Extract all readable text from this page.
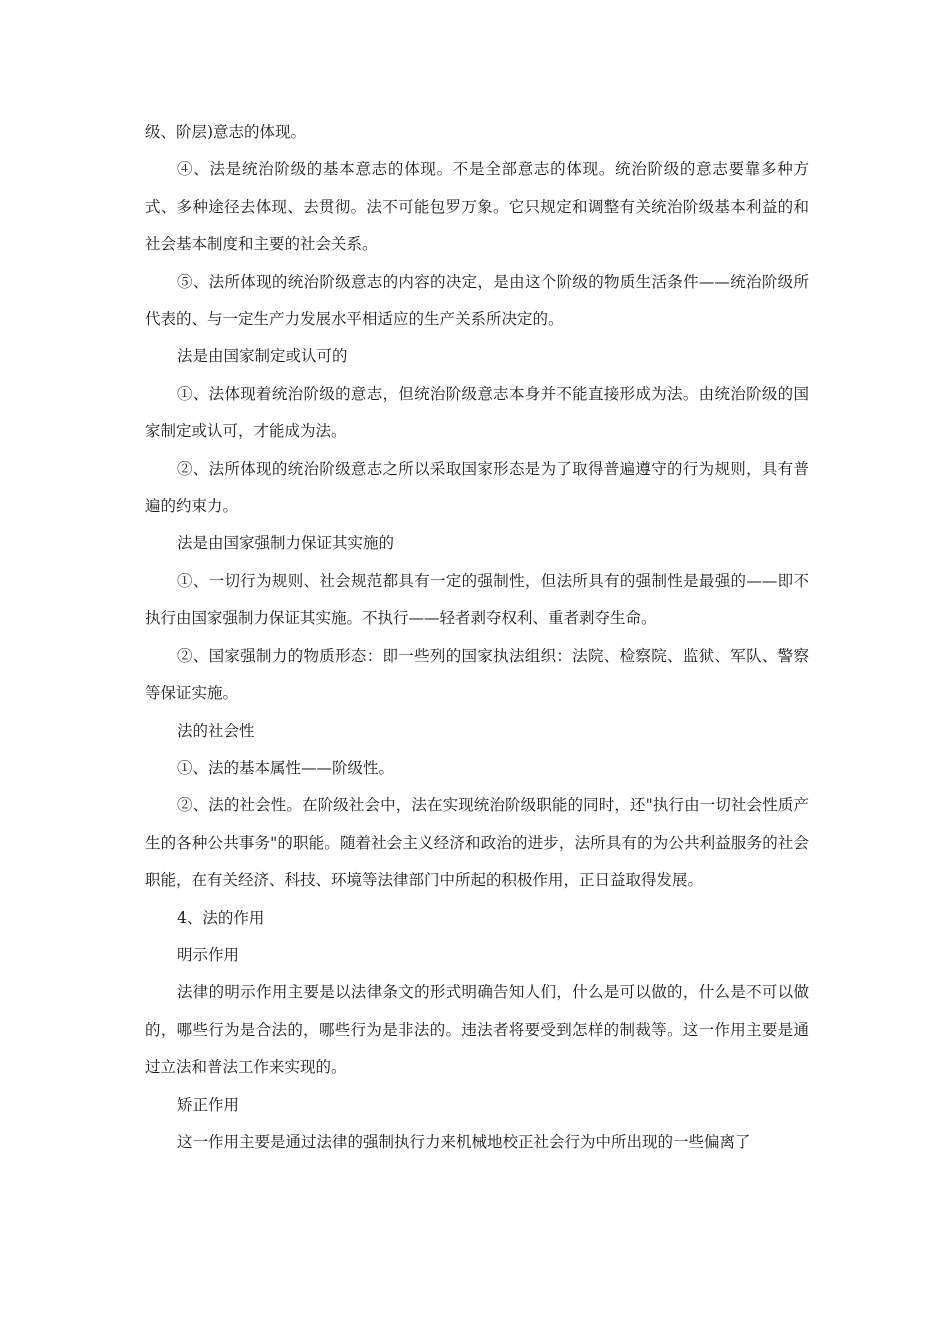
级、阶层)意志的体现。

④、法是统治阶级的基本意志的体现。不是全部意志的体现。统治阶级的意志要靠多种方式、多种途径去体现、去贯彻。法不可能包罗万象。它只规定和调整有关统治阶级基本利益的和社会基本制度和主要的社会关系。

⑤、法所体现的统治阶级意志的内容的决定，是由这个阶级的物质生活条件——统治阶级所代表的、与一定生产力发展水平相适应的生产关系所决定的。

法是由国家制定或认可的

①、法体现着统治阶级的意志，但统治阶级意志本身并不能直接形成为法。由统治阶级的国家制定或认可，才能成为法。

②、法所体现的统治阶级意志之所以采取国家形态是为了取得普遍遵守的行为规则，具有普遍的约束力。

法是由国家强制力保证其实施的

①、一切行为规则、社会规范都具有一定的强制性，但法所具有的强制性是最强的——即不执行由国家强制力保证其实施。不执行——轻者剥夺权利、重者剥夺生命。

②、国家强制力的物质形态：即一些列的国家执法组织：法院、检察院、监狱、军队、警察等保证实施。

法的社会性

①、法的基本属性——阶级性。

②、法的社会性。在阶级社会中，法在实现统治阶级职能的同时，还"执行由一切社会性质产生的各种公共事务"的职能。随着社会主义经济和政治的进步，法所具有的为公共利益服务的社会职能，在有关经济、科技、环境等法律部门中所起的积极作用，正日益取得发展。

4、法的作用

明示作用

法律的明示作用主要是以法律条文的形式明确告知人们，什么是可以做的，什么是不可以做的，哪些行为是合法的，哪些行为是非法的。违法者将要受到怎样的制裁等。这一作用主要是通过立法和普法工作来实现的。

矫正作用

这一作用主要是通过法律的强制执行力来机械地校正社会行为中所出现的一些偏离了
